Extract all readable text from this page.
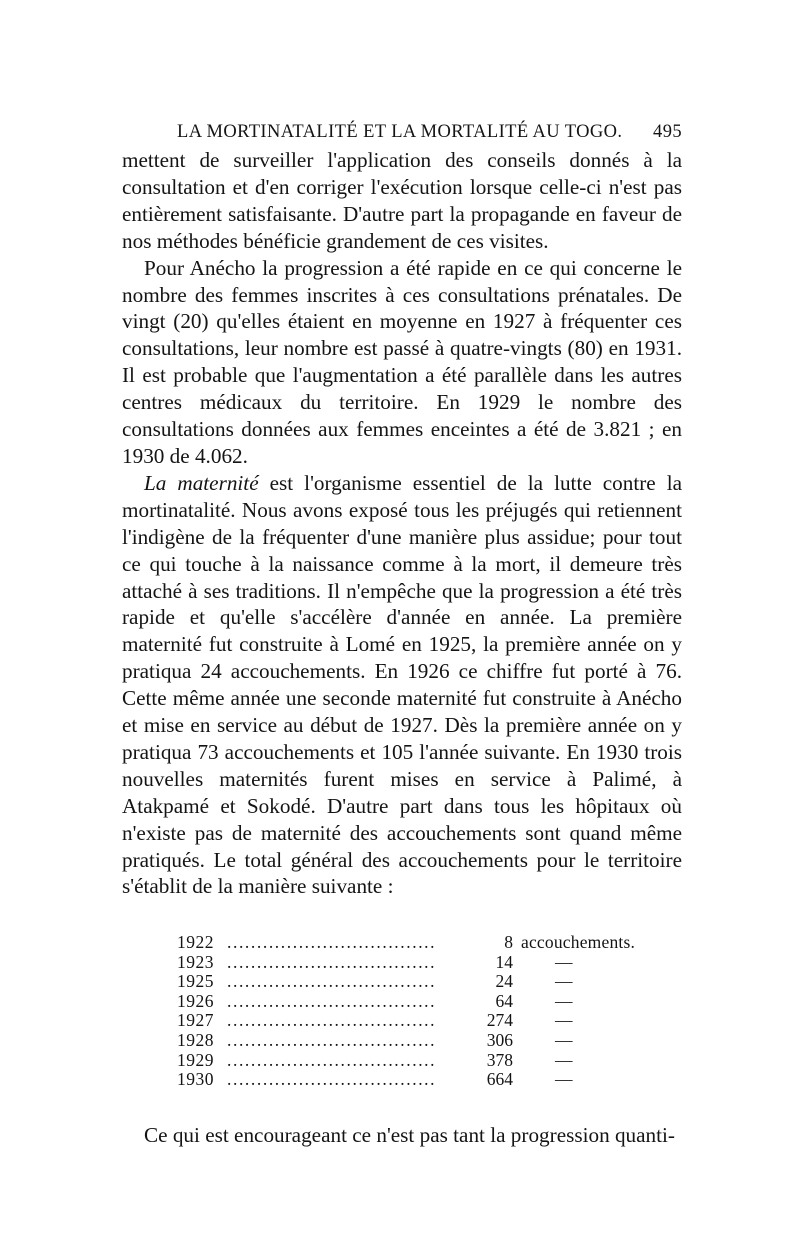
LA MORTINATALITÉ ET LA MORTALITÉ AU TOGO. 495

mettent de surveiller l'application des conseils donnés à la consultation et d'en corriger l'exécution lorsque celle-ci n'est pas entièrement satisfaisante. D'autre part la propagande en faveur de nos méthodes bénéficie grandement de ces visites.

Pour Anécho la progression a été rapide en ce qui concerne le nombre des femmes inscrites à ces consultations prénatales. De vingt (20) qu'elles étaient en moyenne en 1927 à fréquenter ces consultations, leur nombre est passé à quatre-vingts (80) en 1931. Il est probable que l'augmentation a été parallèle dans les autres centres médicaux du territoire. En 1929 le nombre des consultations données aux femmes enceintes a été de 3.821 ; en 1930 de 4.062.

La maternité est l'organisme essentiel de la lutte contre la mortinatalité. Nous avons exposé tous les préjugés qui retiennent l'indigène de la fréquenter d'une manière plus assidue; pour tout ce qui touche à la naissance comme à la mort, il demeure très attaché à ses traditions. Il n'empêche que la progression a été très rapide et qu'elle s'accélère d'année en année. La première maternité fut construite à Lomé en 1925, la première année on y pratiqua 24 accouchements. En 1926 ce chiffre fut porté à 76. Cette même année une seconde maternité fut construite à Anécho et mise en service au début de 1927. Dès la première année on y pratiqua 73 accouchements et 105 l'année suivante. En 1930 trois nouvelles maternités furent mises en service à Palimé, à Atakpamé et Sokodé. D'autre part dans tous les hôpitaux où n'existe pas de maternité des accouchements sont quand même pratiqués. Le total général des accouchements pour le territoire s'établit de la manière suivante :

1922 ...................................	8 accouchements.
1923 ...................................	14 —
1925 ...................................	24 —
1926 ...................................	64 —
1927 ...................................	274 —
1928 ...................................	306 —
1929 ...................................	378 —
1930 ...................................	664 —
Ce qui est encourageant ce n'est pas tant la progression quanti-
